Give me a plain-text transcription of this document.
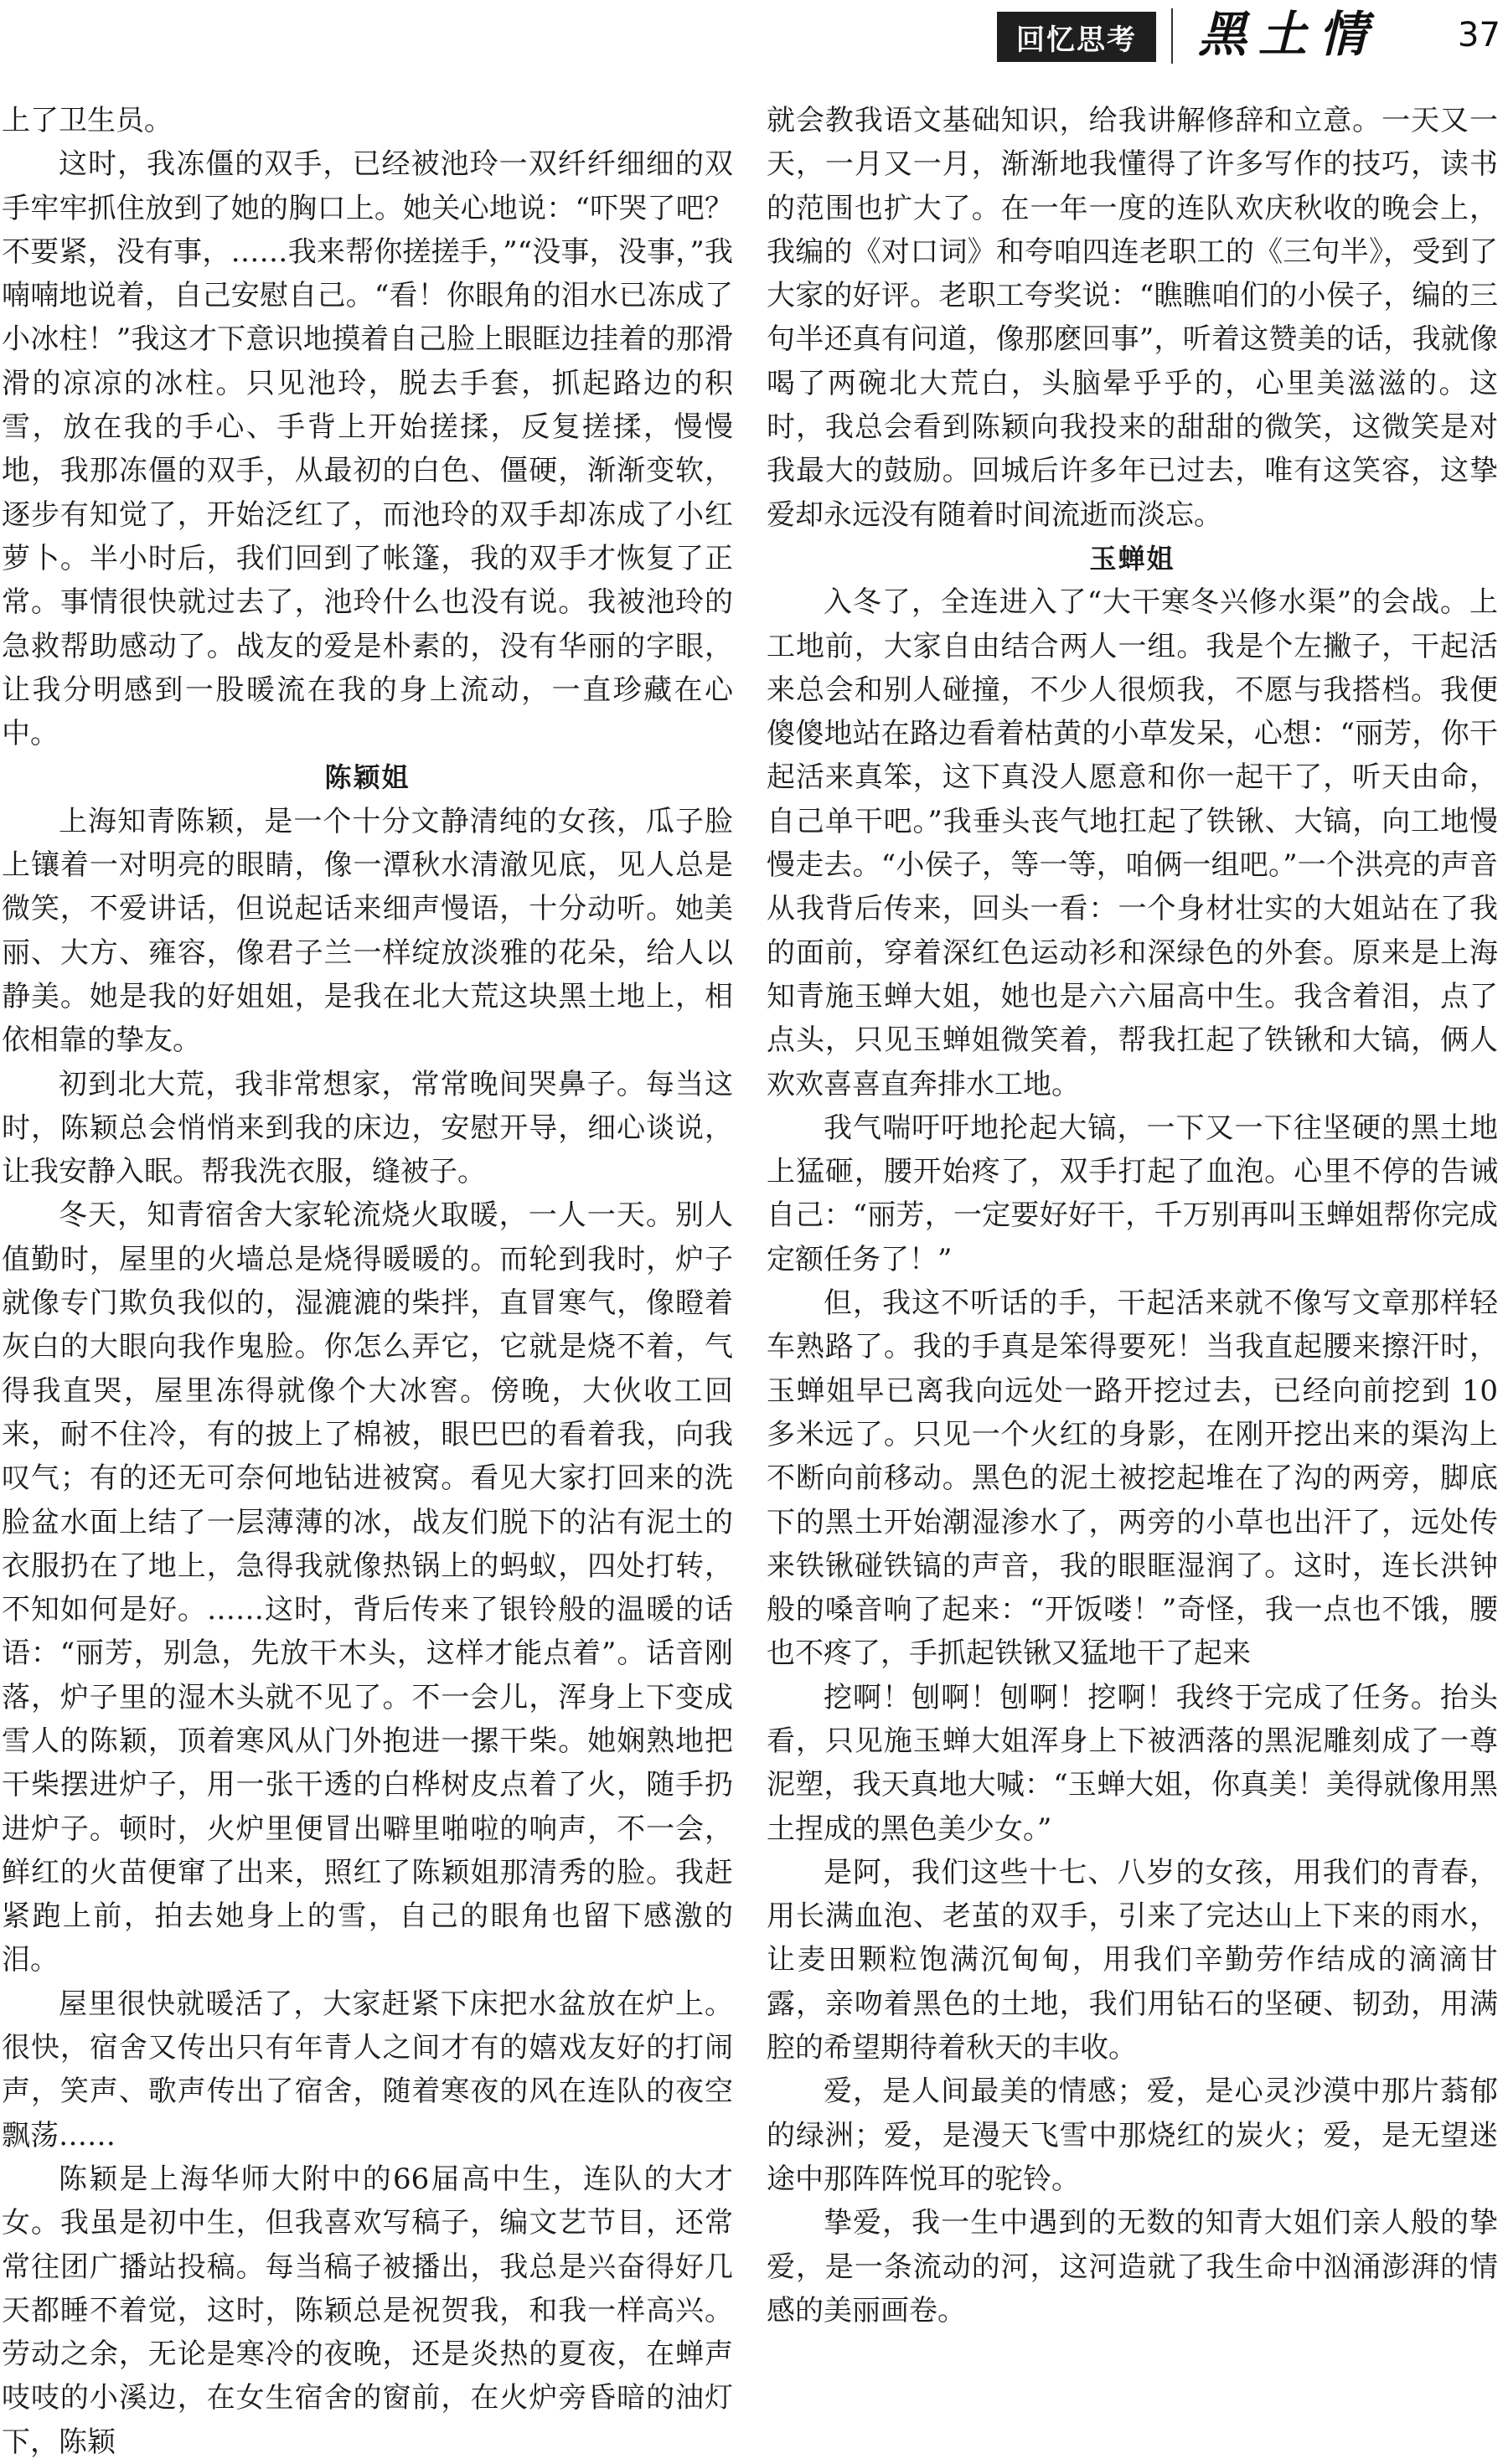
回忆思考	黑土情	37

上了卫生员。

这时，我冻僵的双手，已经被池玲一双纤纤细细的双手牢牢抓住放到了她的胸口上。她关心地说：“吓哭了吧？不要紧，没有事，……我来帮你搓搓手，”“没事，没事，”我喃喃地说着，自己安慰自己。“看！你眼角的泪水已冻成了小冰柱！”我这才下意识地摸着自己脸上眼眶边挂着的那滑滑的凉凉的冰柱。只见池玲，脱去手套，抓起路边的积雪，放在我的手心、手背上开始搓揉，反复搓揉，慢慢地，我那冻僵的双手，从最初的白色、僵硬，渐渐变软，逐步有知觉了，开始泛红了，而池玲的双手却冻成了小红萝卜。半小时后，我们回到了帐篷，我的双手才恢复了正常。事情很快就过去了，池玲什么也没有说。我被池玲的急救帮助感动了。战友的爱是朴素的，没有华丽的字眼，让我分明感到一股暖流在我的身上流动，一直珍藏在心中。

陈颖姐

上海知青陈颖，是一个十分文静清纯的女孩，瓜子脸上镶着一对明亮的眼睛，像一潭秋水清澈见底，见人总是微笑，不爱讲话，但说起话来细声慢语，十分动听。她美丽、大方、雍容，像君子兰一样绽放淡雅的花朵，给人以静美。她是我的好姐姐，是我在北大荒这块黑土地上，相依相靠的挚友。

初到北大荒，我非常想家，常常晚间哭鼻子。每当这时，陈颖总会悄悄来到我的床边，安慰开导，细心谈说，让我安静入眠。帮我洗衣服，缝被子。

冬天，知青宿舍大家轮流烧火取暖，一人一天。别人值勤时，屋里的火墙总是烧得暖暖的。而轮到我时，炉子就像专门欺负我似的，湿漉漉的柴拌，直冒寒气，像瞪着灰白的大眼向我作鬼脸。你怎么弄它，它就是烧不着，气得我直哭，屋里冻得就像个大冰窖。傍晚，大伙收工回来，耐不住冷，有的披上了棉被，眼巴巴的看着我，向我叹气；有的还无可奈何地钻进被窝。看见大家打回来的洗脸盆水面上结了一层薄薄的冰，战友们脱下的沾有泥土的衣服扔在了地上，急得我就像热锅上的蚂蚁，四处打转，不知如何是好。……这时，背后传来了银铃般的温暖的话语：“丽芳，别急，先放干木头，这样才能点着”。话音刚落，炉子里的湿木头就不见了。不一会儿，浑身上下变成雪人的陈颖，顶着寒风从门外抱进一摞干柴。她娴熟地把干柴摆进炉子，用一张干透的白桦树皮点着了火，随手扔进炉子。顿时，火炉里便冒出噼里啪啦的响声，不一会，鲜红的火苗便窜了出来，照红了陈颖姐那清秀的脸。我赶紧跑上前，拍去她身上的雪，自己的眼角也留下感激的泪。

屋里很快就暖活了，大家赶紧下床把水盆放在炉上。很快，宿舍又传出只有年青人之间才有的嬉戏友好的打闹声，笑声、歌声传出了宿舍，随着寒夜的风在连队的夜空飘荡……

陈颖是上海华师大附中的66届高中生，连队的大才女。我虽是初中生，但我喜欢写稿子，编文艺节目，还常常往团广播站投稿。每当稿子被播出，我总是兴奋得好几天都睡不着觉，这时，陈颖总是祝贺我，和我一样高兴。劳动之余，无论是寒冷的夜晚，还是炎热的夏夜，在蝉声吱吱的小溪边，在女生宿舍的窗前，在火炉旁昏暗的油灯下，陈颖

就会教我语文基础知识，给我讲解修辞和立意。一天又一天，一月又一月，渐渐地我懂得了许多写作的技巧，读书的范围也扩大了。在一年一度的连队欢庆秋收的晚会上，我编的《对口词》和夸咱四连老职工的《三句半》，受到了大家的好评。老职工夸奖说：“瞧瞧咱们的小侯子，编的三句半还真有问道，像那麽回事”，听着这赞美的话，我就像喝了两碗北大荒白，头脑晕乎乎的，心里美滋滋的。这时，我总会看到陈颖向我投来的甜甜的微笑，这微笑是对我最大的鼓励。回城后许多年已过去，唯有这笑容，这挚爱却永远没有随着时间流逝而淡忘。

玉蝉姐

入冬了，全连进入了“大干寒冬兴修水渠”的会战。上工地前，大家自由结合两人一组。我是个左撇子，干起活来总会和别人碰撞，不少人很烦我，不愿与我搭档。我便傻傻地站在路边看着枯黄的小草发呆，心想：“丽芳，你干起活来真笨，这下真没人愿意和你一起干了，听天由命，自己单干吧。”我垂头丧气地扛起了铁锹、大镐，向工地慢慢走去。“小侯子，等一等，咱俩一组吧。”一个洪亮的声音从我背后传来，回头一看：一个身材壮实的大姐站在了我的面前，穿着深红色运动衫和深绿色的外套。原来是上海知青施玉蝉大姐，她也是六六届高中生。我含着泪，点了点头，只见玉蝉姐微笑着，帮我扛起了铁锹和大镐，俩人欢欢喜喜直奔排水工地。

我气喘吁吁地抡起大镐，一下又一下往坚硬的黑土地上猛砸，腰开始疼了，双手打起了血泡。心里不停的告诫自己：“丽芳，一定要好好干，千万别再叫玉蝉姐帮你完成定额任务了！”

但，我这不听话的手，干起活来就不像写文章那样轻车熟路了。我的手真是笨得要死！当我直起腰来擦汗时，玉蝉姐早已离我向远处一路开挖过去，已经向前挖到 10 多米远了。只见一个火红的身影，在刚开挖出来的渠沟上不断向前移动。黑色的泥土被挖起堆在了沟的两旁，脚底下的黑土开始潮湿渗水了，两旁的小草也出汗了，远处传来铁锹碰铁镐的声音，我的眼眶湿润了。这时，连长洪钟般的嗓音响了起来：“开饭喽！”奇怪，我一点也不饿，腰也不疼了，手抓起铁锹又猛地干了起来

挖啊！刨啊！刨啊！挖啊！我终于完成了任务。抬头看，只见施玉蝉大姐浑身上下被洒落的黑泥雕刻成了一尊泥塑，我天真地大喊：“玉蝉大姐，你真美！美得就像用黑土捏成的黑色美少女。”

是阿，我们这些十七、八岁的女孩，用我们的青春，用长满血泡、老茧的双手，引来了完达山上下来的雨水，让麦田颗粒饱满沉甸甸，用我们辛勤劳作结成的滴滴甘露，亲吻着黑色的土地，我们用钻石的坚硬、韧劲，用满腔的希望期待着秋天的丰收。

爱，是人间最美的情感；爱，是心灵沙漠中那片蓊郁的绿洲；爱，是漫天飞雪中那烧红的炭火；爱，是无望迷途中那阵阵悦耳的驼铃。

挚爱，我一生中遇到的无数的知青大姐们亲人般的挚爱，是一条流动的河，这河造就了我生命中汹涌澎湃的情感的美丽画卷。
